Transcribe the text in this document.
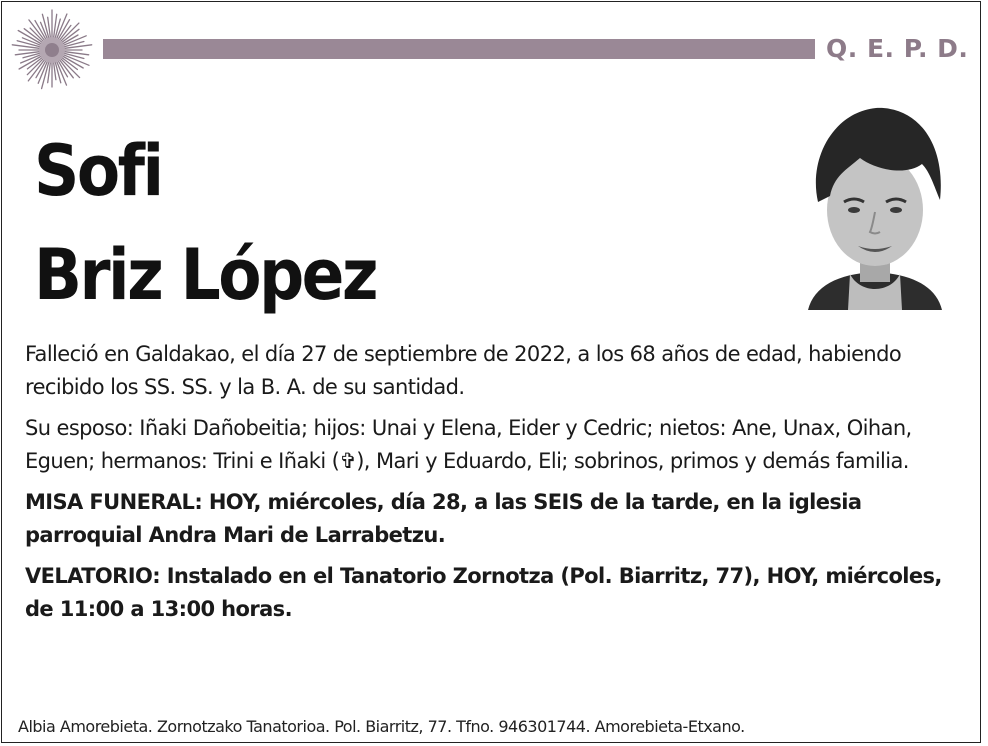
Q. E. P. D.
Sofi
Briz López

Falleció en Galdakao, el día 27 de septiembre de 2022, a los 68 años de edad, habiendo recibido los SS. SS. y la B. A. de su santidad.

Su esposo: Iñaki Dañobeitia; hijos: Unai y Elena, Eider y Cedric; nietos: Ane, Unax, Oihan, Eguen; hermanos: Trini e Iñaki (✞), Mari y Eduardo, Eli; sobrinos, primos y demás familia.

MISA FUNERAL: HOY, miércoles, día 28, a las SEIS de la tarde, en la iglesia parroquial Andra Mari de Larrabetzu.

VELATORIO: Instalado en el Tanatorio Zornotza (Pol. Biarritz, 77), HOY, miércoles, de 11:00 a 13:00 horas.

Albia Amorebieta. Zornotzako Tanatorioa. Pol. Biarritz, 77. Tfno. 946301744. Amorebieta-Etxano.
